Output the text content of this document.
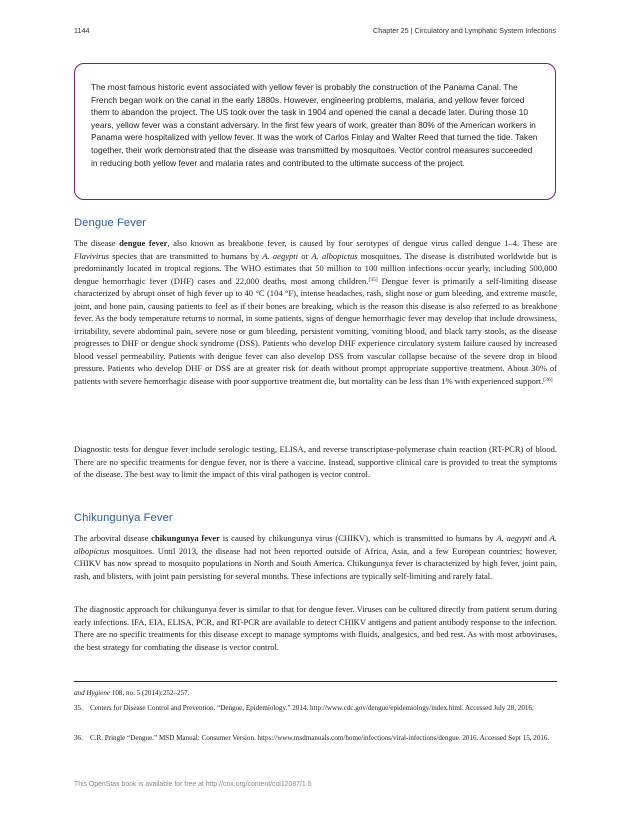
1144	Chapter 25 | Circulatory and Lymphatic System Infections

The most famous historic event associated with yellow fever is probably the construction of the Panama Canal. The French began work on the canal in the early 1880s. However, engineering problems, malaria, and yellow fever forced them to abandon the project. The US took over the task in 1904 and opened the canal a decade later. During those 10 years, yellow fever was a constant adversary. In the first few years of work, greater than 80% of the American workers in Panama were hospitalized with yellow fever. It was the work of Carlos Finlay and Walter Reed that turned the tide. Taken together, their work demonstrated that the disease was transmitted by mosquitoes. Vector control measures succeeded in reducing both yellow fever and malaria rates and contributed to the ultimate success of the project.

Dengue Fever

The disease dengue fever, also known as breakbone fever, is caused by four serotypes of dengue virus called dengue 1–4. These are Flavivirus species that are transmitted to humans by A. aegypti or A. albopictus mosquitoes. The disease is distributed worldwide but is predominantly located in tropical regions. The WHO estimates that 50 million to 100 million infections occur yearly, including 500,000 dengue hemorrhagic fever (DHF) cases and 22,000 deaths, most among children.[35] Dengue fever is primarily a self-limiting disease characterized by abrupt onset of high fever up to 40 °C (104 °F), intense headaches, rash, slight nose or gum bleeding, and extreme muscle, joint, and bone pain, causing patients to feel as if their bones are breaking, which is the reason this disease is also referred to as breakbone fever. As the body temperature returns to normal, in some patients, signs of dengue hemorrhagic fever may develop that include drowsiness, irritability, severe abdominal pain, severe nose or gum bleeding, persistent vomiting, vomiting blood, and black tarry stools, as the disease progresses to DHF or dengue shock syndrome (DSS). Patients who develop DHF experience circulatory system failure caused by increased blood vessel permeability. Patients with dengue fever can also develop DSS from vascular collapse because of the severe drop in blood pressure. Patients who develop DHF or DSS are at greater risk for death without prompt appropriate supportive treatment. About 30% of patients with severe hemorrhagic disease with poor supportive treatment die, but mortality can be less than 1% with experienced support.[36]

Diagnostic tests for dengue fever include serologic testing, ELISA, and reverse transcriptase-polymerase chain reaction (RT-PCR) of blood. There are no specific treatments for dengue fever, nor is there a vaccine. Instead, supportive clinical care is provided to treat the symptoms of the disease. The best way to limit the impact of this viral pathogen is vector control.

Chikungunya Fever

The arboviral disease chikungunya fever is caused by chikungunya virus (CHIKV), which is transmitted to humans by A. aegypti and A. albopictus mosquitoes. Until 2013, the disease had not been reported outside of Africa, Asia, and a few European countries; however, CHIKV has now spread to mosquito populations in North and South America. Chikungunya fever is characterized by high fever, joint pain, rash, and blisters, with joint pain persisting for several months. These infections are typically self-limiting and rarely fatal.

The diagnostic approach for chikungunya fever is similar to that for dengue fever. Viruses can be cultured directly from patient serum during early infections. IFA, EIA, ELISA, PCR, and RT-PCR are available to detect CHIKV antigens and patient antibody response to the infection. There are no specific treatments for this disease except to manage symptoms with fluids, analgesics, and bed rest. As with most arboviruses, the best strategy for combating the disease is vector control.

and Hygiene 108, no. 5 (2014):252–257.

35. Centers for Disease Control and Prevention. “Dengue, Epidemiology.” 2014. http://www.cdc.gov/dengue/epidemiology/index.html. Accessed July 28, 2016.

36. C.R. Pringle “Dengue.” MSD Manual: Consumer Version. https://www.msdmanuals.com/home/infections/viral-infections/dengue. 2016. Accessed Sept 15, 2016.

This OpenStax book is available for free at http://cnx.org/content/col12087/1.5
